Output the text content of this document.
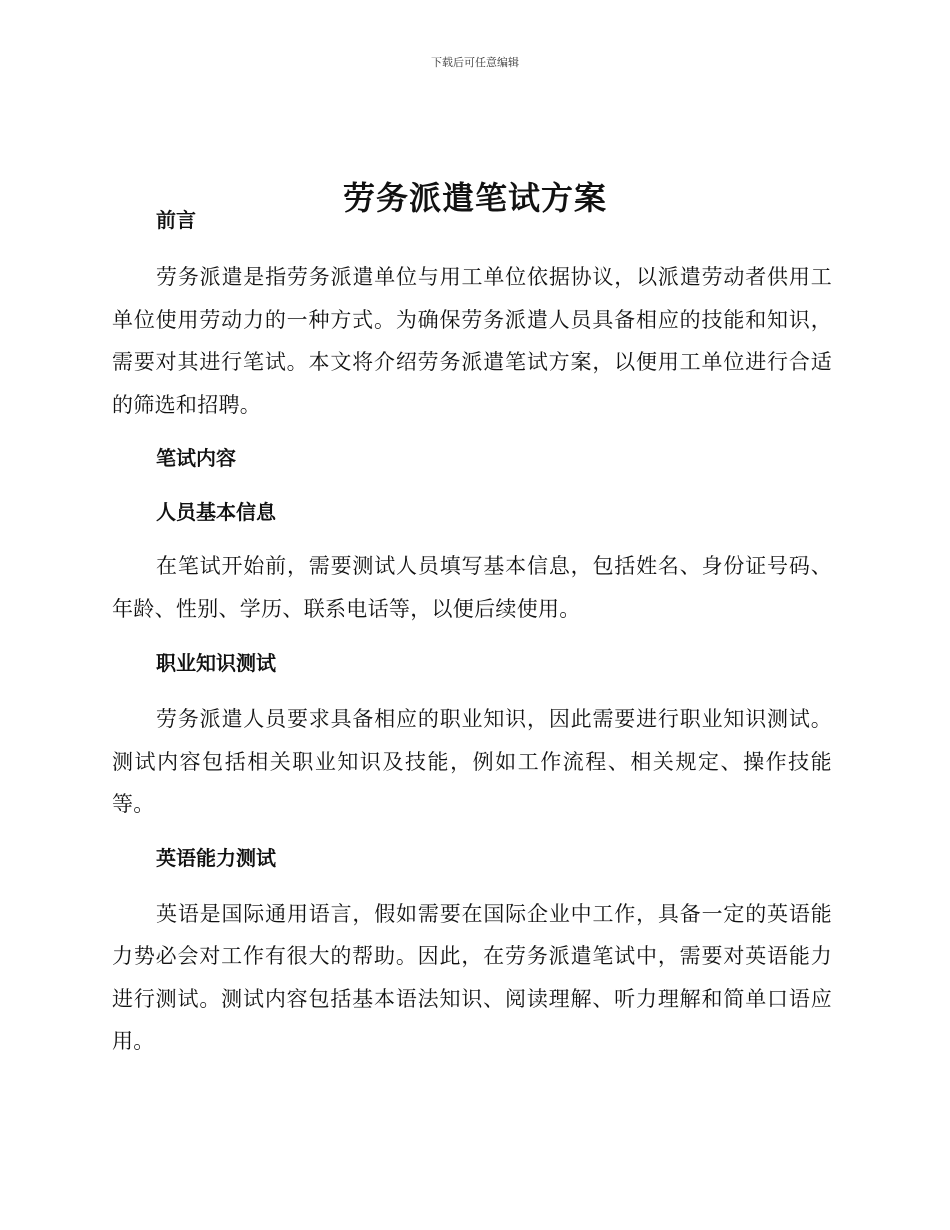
下载后可任意编辑
劳务派遣笔试方案
前言

劳务派遣是指劳务派遣单位与用工单位依据协议，以派遣劳动者供用工单位使用劳动力的一种方式。为确保劳务派遣人员具备相应的技能和知识，需要对其进行笔试。本文将介绍劳务派遣笔试方案，以便用工单位进行合适的筛选和招聘。

笔试内容
人员基本信息

在笔试开始前，需要测试人员填写基本信息，包括姓名、身份证号码、年龄、性别、学历、联系电话等，以便后续使用。

职业知识测试

劳务派遣人员要求具备相应的职业知识，因此需要进行职业知识测试。测试内容包括相关职业知识及技能，例如工作流程、相关规定、操作技能等。

英语能力测试

英语是国际通用语言，假如需要在国际企业中工作，具备一定的英语能力势必会对工作有很大的帮助。因此，在劳务派遣笔试中，需要对英语能力进行测试。测试内容包括基本语法知识、阅读理解、听力理解和简单口语应用。
